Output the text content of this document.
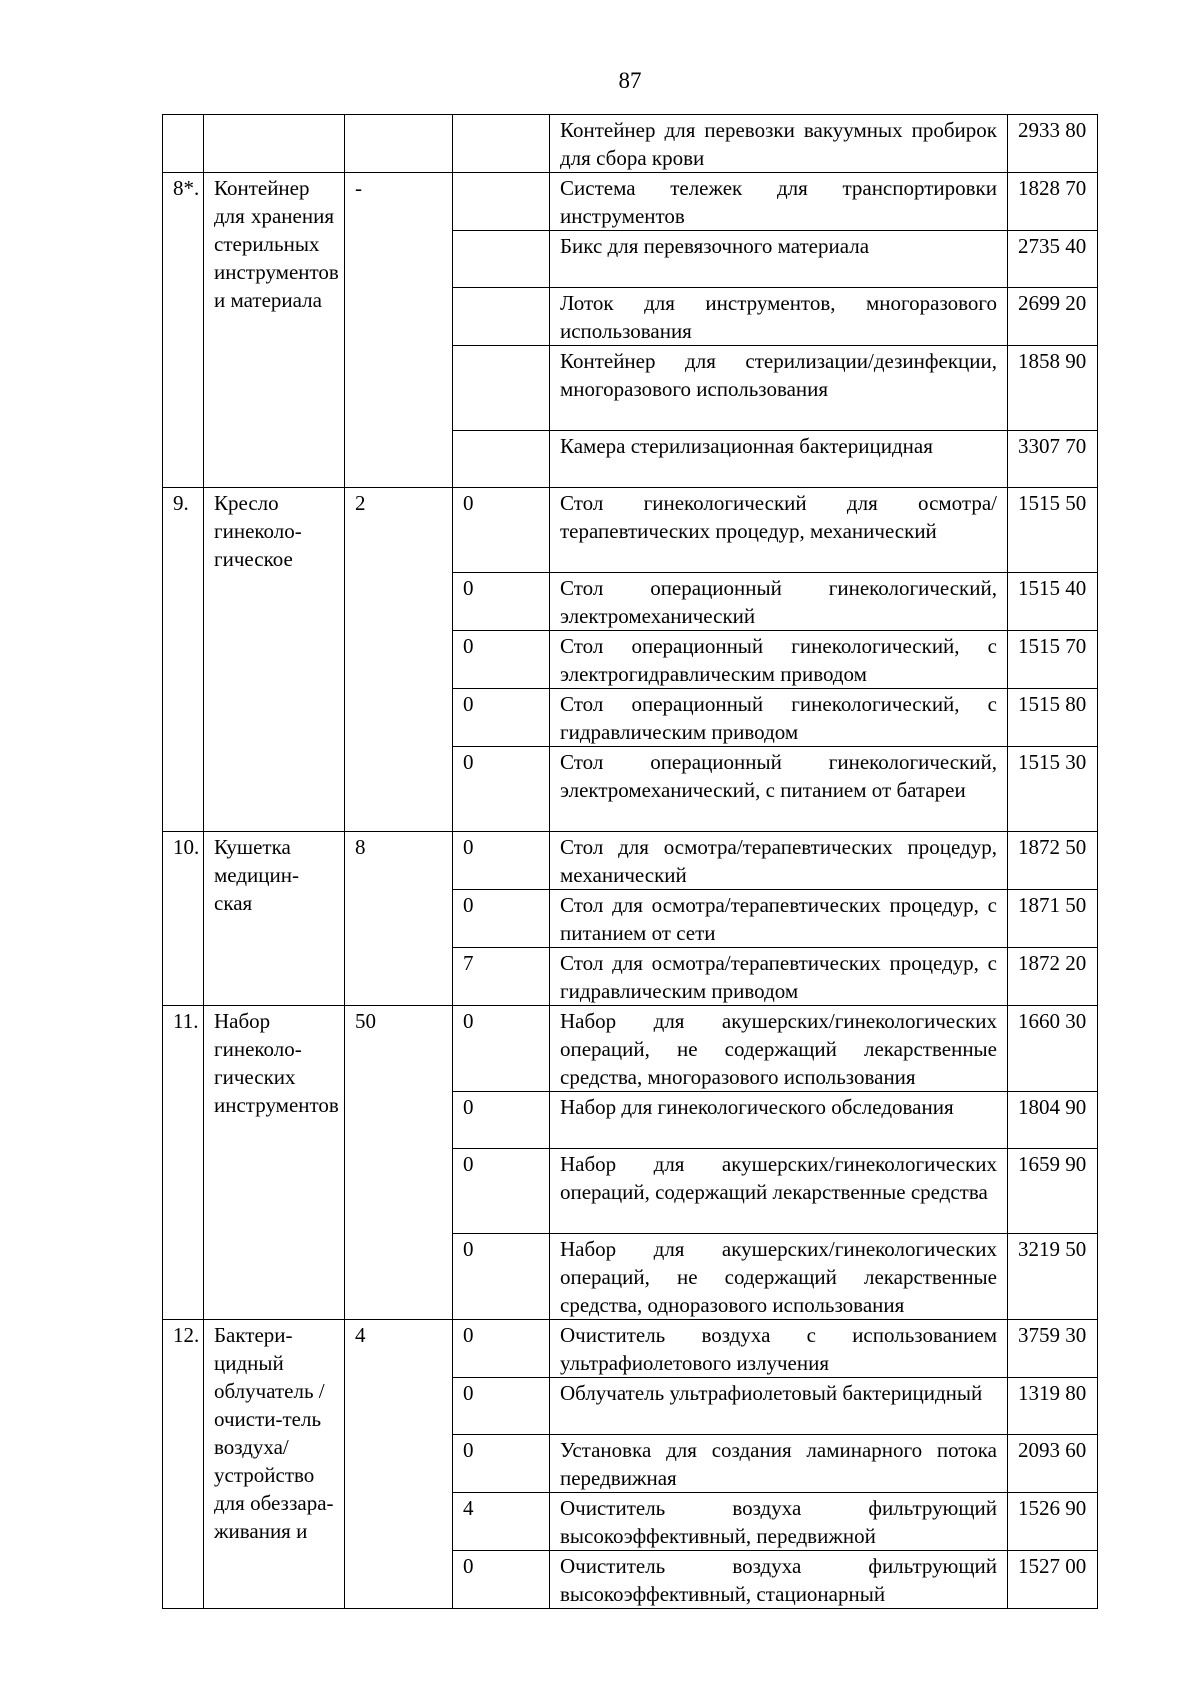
87
				Контейнер для перевозки вакуумных пробирок для сбора крови	2933 80
8*.	Контейнер для хранения стерильных инструментов и материала	-		Система тележек для транспортировки инструментов	1828 70
				Бикс для перевязочного материала	2735 40
				Лоток для инструментов, многоразового использования	2699 20
				Контейнер для стерилизации/дезинфекции, многоразового использования	1858 90
				Камера стерилизационная бактерицидная	3307 70
9.	Кресло гинеколо-гическое	2	0	Стол гинекологический для осмотра/терапевтических процедур, механический	1515 50
			0	Стол операционный гинекологический, электромеханический	1515 40
			0	Стол операционный гинекологический, с электрогидравлическим приводом	1515 70
			0	Стол операционный гинекологический, с гидравлическим приводом	1515 80
			0	Стол операционный гинекологический, электромеханический, с питанием от батареи	1515 30
10.	Кушетка медицин-ская	8	0	Стол для осмотра/терапевтических процедур, механический	1872 50
			0	Стол для осмотра/терапевтических процедур, с питанием от сети	1871 50
			7	Стол для осмотра/терапевтических процедур, с гидравлическим приводом	1872 20
11.	Набор гинеколо-гических инструментов	50	0	Набор для акушерских/гинекологических операций, не содержащий лекарственные средства, многоразового использования	1660 30
			0	Набор для гинекологического обследования	1804 90
			0	Набор для акушерских/гинекологических операций, содержащий лекарственные средства	1659 90
			0	Набор для акушерских/гинекологических операций, не содержащий лекарственные средства, одноразового использования	3219 50
12.	Бактери-цидный облучатель /очисти-тель воздуха/ устройство для обеззара-живания и	4	0	Очиститель воздуха с использованием ультрафиолетового излучения	3759 30
			0	Облучатель ультрафиолетовый бактерицидный	1319 80
			0	Установка для создания ламинарного потока передвижная	2093 60
			4	Очиститель воздуха фильтрующий высокоэффективный, передвижной	1526 90
			0	Очиститель воздуха фильтрующий высокоэффективный, стационарный	1527 00
